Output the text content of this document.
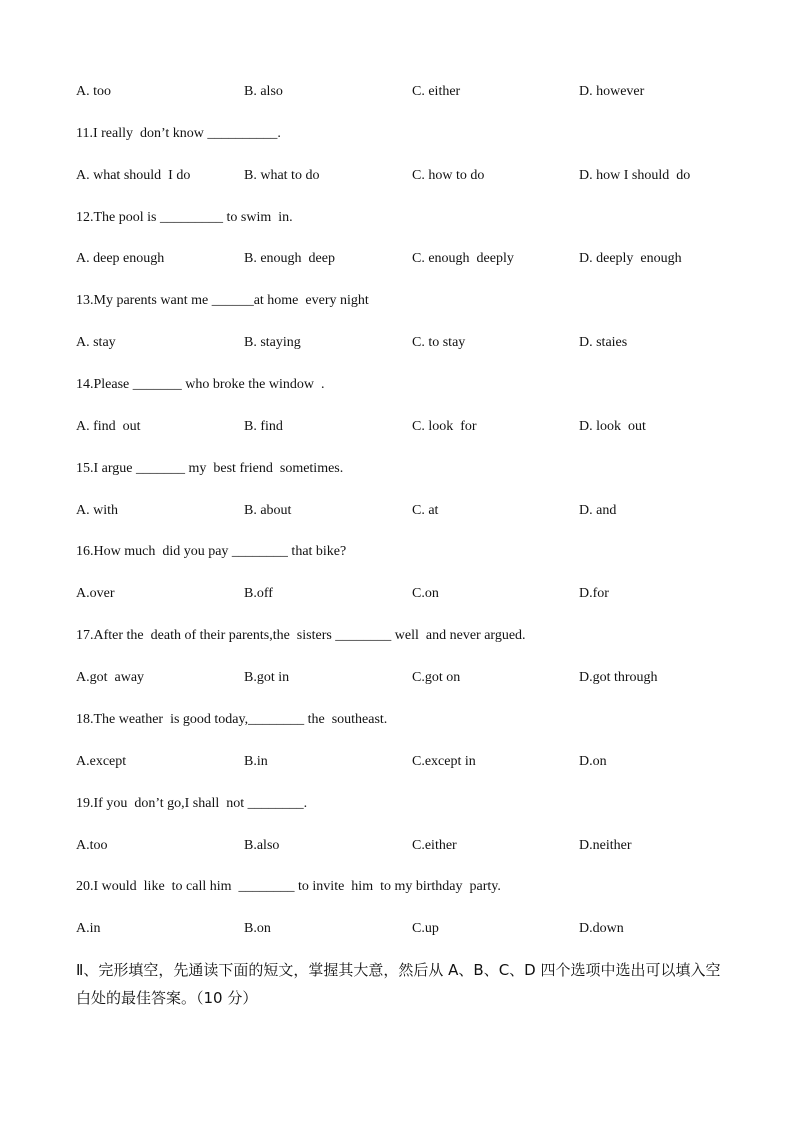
A. too	B. also	C. either	D. however
11.I really  don’t know __________.
A. what should  I do	B. what to do	C. how to do	D. how I should  do
12.The pool is _________ to swim  in.
A. deep enough	B. enough  deep	C. enough  deeply	D. deeply  enough
13.My parents want me ______at home  every night
A. stay	B. staying	C. to stay	D. staies
14.Please _______ who broke the window  .
A. find  out	B. find	C. look  for	D. look  out
15.I argue _______ my  best friend  sometimes.
A. with	B. about	C. at	D. and
16.How much  did you pay ________ that bike?
A.over	B.off	C.on	D.for
17.After the  death of their parents,the  sisters ________ well  and never argued.
A.got  away	B.got in	C.got on	D.got through
18.The weather  is good today,________ the  southeast.
A.except	B.in	C.except in	D.on
19.If you  don’t go,I shall  not ________.
A.too	B.also	C.either	D.neither
20.I would  like  to call him  ________ to invite  him  to my birthday  party.
A.in	B.on	C.up	D.down
Ⅱ、完形填空，先通读下面的短文，掌握其大意，然后从 A、B、C、D 四个选项中选出可以填入空白处的最佳答案。（10 分）
